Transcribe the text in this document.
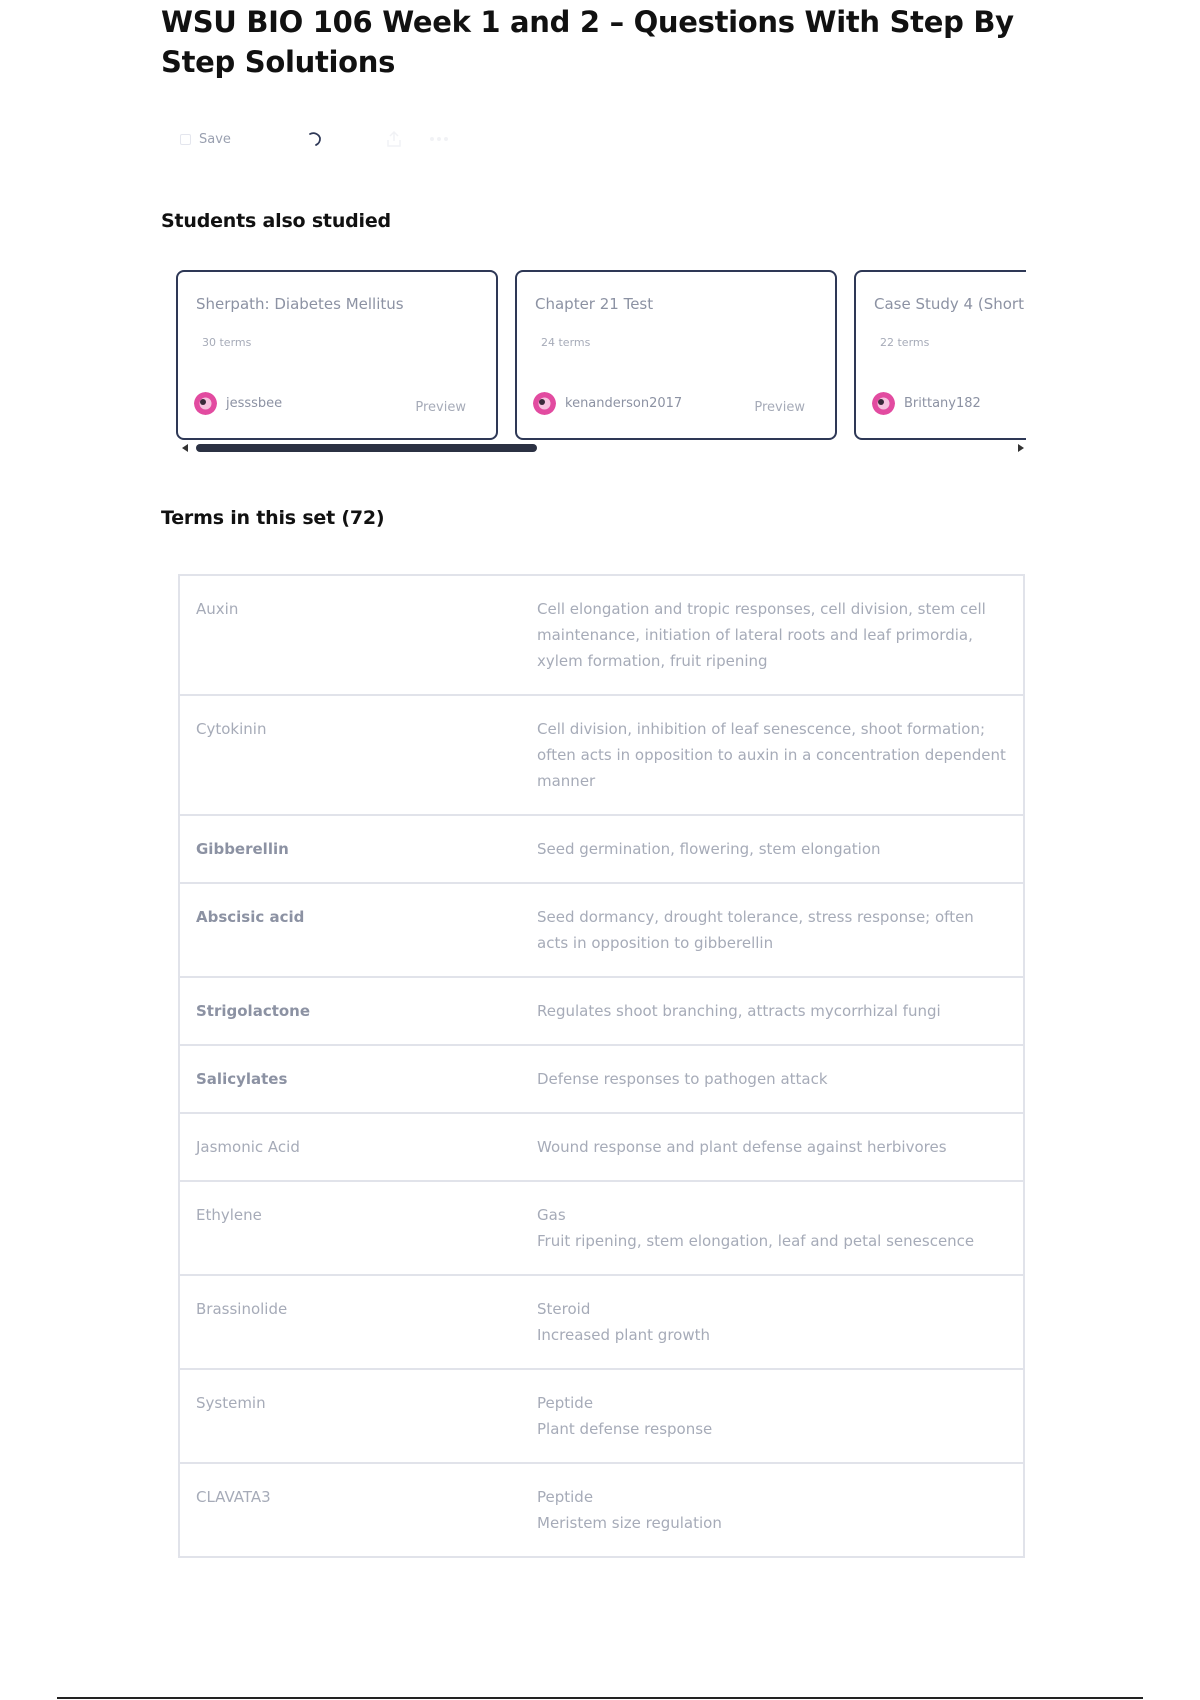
WSU BIO 106 Week 1 and 2 – Questions With Step By Step Solutions
Save
Students also studied
Sherpath: Diabetes Mellitus
30 terms
jesssbee	Preview
Chapter 21 Test
24 terms
kenanderson2017	Preview
Case Study 4 (Short
22 terms
Brittany182
Terms in this set (72)
Auxin	Cell elongation and tropic responses, cell division, stem cell maintenance, initiation of lateral roots and leaf primordia, xylem formation, fruit ripening
Cytokinin	Cell division, inhibition of leaf senescence, shoot formation; often acts in opposition to auxin in a concentration dependent manner
Gibberellin	Seed germination, flowering, stem elongation
Abscisic acid	Seed dormancy, drought tolerance, stress response; often acts in opposition to gibberellin
Strigolactone	Regulates shoot branching, attracts mycorrhizal fungi
Salicylates	Defense responses to pathogen attack
Jasmonic Acid	Wound response and plant defense against herbivores
Ethylene	Gas
Fruit ripening, stem elongation, leaf and petal senescence
Brassinolide	Steroid
Increased plant growth
Systemin	Peptide
Plant defense response
CLAVATA3	Peptide
Meristem size regulation
